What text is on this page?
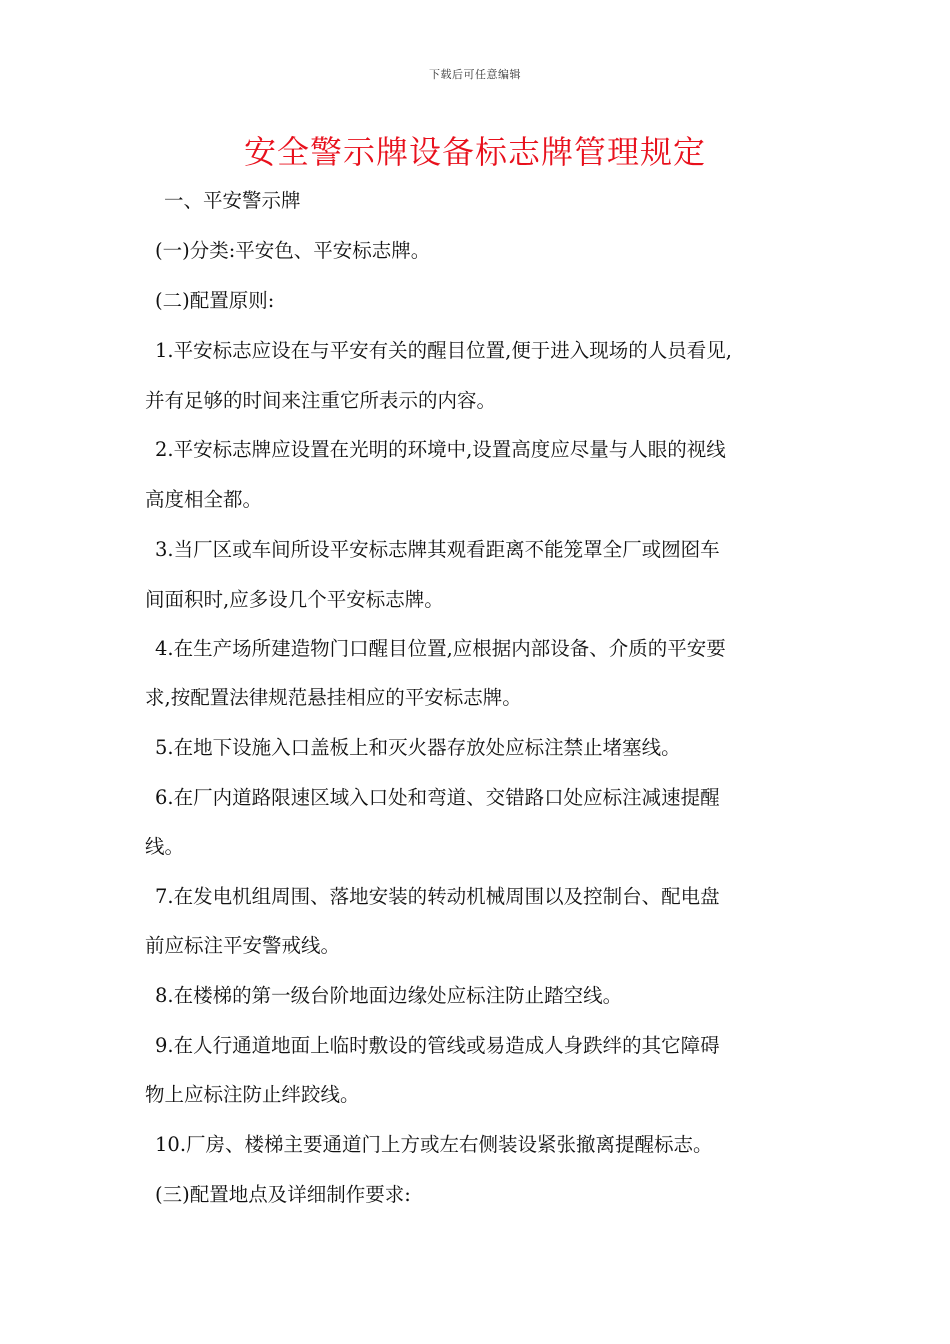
下载后可任意编辑
安全警示牌设备标志牌管理规定
一、平安警示牌
(一)分类:平安色、平安标志牌。
(二)配置原则:
1.平安标志应设在与平安有关的醒目位置,便于进入现场的人员看见,
并有足够的时间来注重它所表示的内容。
2.平安标志牌应设置在光明的环境中,设置高度应尽量与人眼的视线
高度相全都。
3.当厂区或车间所设平安标志牌其观看距离不能笼罩全厂或囫囵车
间面积时,应多设几个平安标志牌。
4.在生产场所建造物门口醒目位置,应根据内部设备、介质的平安要
求,按配置法律规范悬挂相应的平安标志牌。
5.在地下设施入口盖板上和灭火器存放处应标注禁止堵塞线。
6.在厂内道路限速区域入口处和弯道、交错路口处应标注减速提醒
线。
7.在发电机组周围、落地安装的转动机械周围以及控制台、配电盘
前应标注平安警戒线。
8.在楼梯的第一级台阶地面边缘处应标注防止踏空线。
9.在人行通道地面上临时敷设的管线或易造成人身跌绊的其它障碍
物上应标注防止绊跤线。
10.厂房、楼梯主要通道门上方或左右侧装设紧张撤离提醒标志。
(三)配置地点及详细制作要求:
